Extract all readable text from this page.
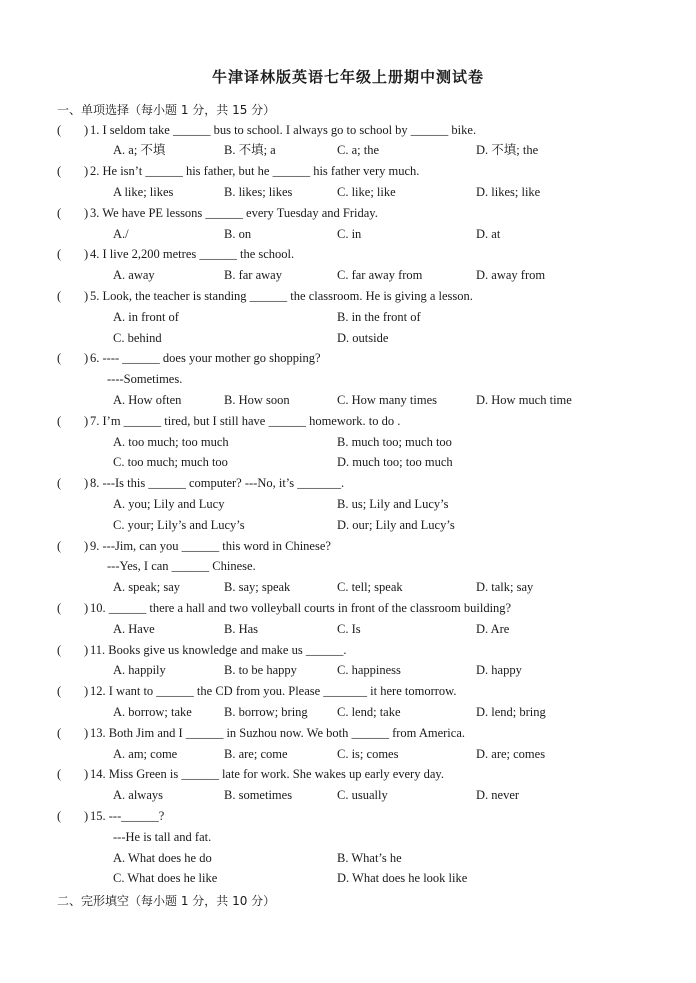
牛津译林版英语七年级上册期中测试卷
一、单项选择（每小题 1 分，共 15 分）
( ) 1. I seldom take ______ bus to school. I always go to school by ______ bike.
A. a; 不填	B. 不填; a	C. a; the	D. 不填; the
( ) 2. He isn’t ______ his father, but he ______ his father very much.
A like; likes	B. likes; likes	C. like; like	D. likes; like
( ) 3. We have PE lessons ______ every Tuesday and Friday.
A./	B. on	C. in	D. at
( ) 4. I live 2,200 metres ______ the school.
A. away	B. far away	C. far away from	D. away from
( ) 5. Look, the teacher is standing ______ the classroom. He is giving a lesson.
A. in front of	B. in the front of
C. behind	D. outside
( ) 6. ---- ______ does your mother go shopping?
----Sometimes.
A. How often	B. How soon	C. How many times	D. How much time
( ) 7. I’m ______ tired, but I still have ______ homework. to do .
A. too much; too much	B. much too; much too
C. too much; much too	D. much too; too much
( ) 8. ---Is this ______ computer? ---No, it’s _______.
A. you; Lily and Lucy	B. us; Lily and Lucy’s
C. your; Lily’s and Lucy’s	D. our; Lily and Lucy’s
( ) 9. ---Jim, can you ______ this word in Chinese?
---Yes, I can ______ Chinese.
A. speak; say	B. say; speak	C. tell; speak	D. talk; say
( ) 10. ______ there a hall and two volleyball courts in front of the classroom building?
A. Have	B. Has	C. Is	D. Are
( ) 11. Books give us knowledge and make us ______.
A. happily	B. to be happy	C. happiness	D. happy
( ) 12. I want to ______ the CD from you. Please _______ it here tomorrow.
A. borrow; take	B. borrow; bring C. lend; take	D. lend; bring
( ) 13. Both Jim and I ______ in Suzhou now. We both ______ from America.
A. am; come	B. are; come	C. is; comes	D. are; comes
( ) 14. Miss Green is ______ late for work. She wakes up early every day.
A. always	B. sometimes	C. usually	D. never
( ) 15. ---______?
---He is tall and fat.
A. What does he do	B. What’s he
C. What does he like	D. What does he look like
二、完形填空（每小题 1 分，共 10 分）
